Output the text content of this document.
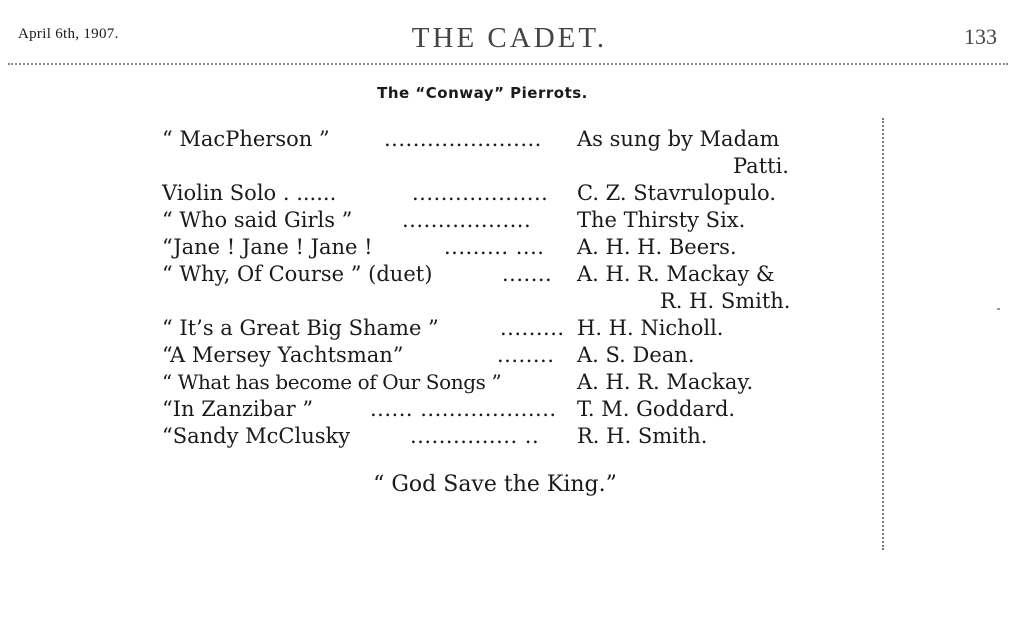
April 6th, 1907.	THE CADET.	133
The “Conway” Pierrots.
“ MacPherson ”	...................... As sung by Madam
Patti.
Violin Solo . ......	................... C. Z. Stavrulopulo.
“ Who said Girls ” .................. The Thirsty Six.
“Jane ! Jane ! Jane !	......... .... A. H. H. Beers.
“ Why, Of Course ” (duet)	....... A. H. R. Mackay &
R. H. Smith.
“ It’s a Great Big Shame ”	......... H. H. Nicholl.
“A Mersey Yachtsman”	........ A. S. Dean.
“ What has become of Our Songs ”	A. H. R. Mackay.
“In Zanzibar ”	...... ................... T. M. Goddard.
“Sandy McClusky	............... .. R. H. Smith.
“ God Save the King.”
